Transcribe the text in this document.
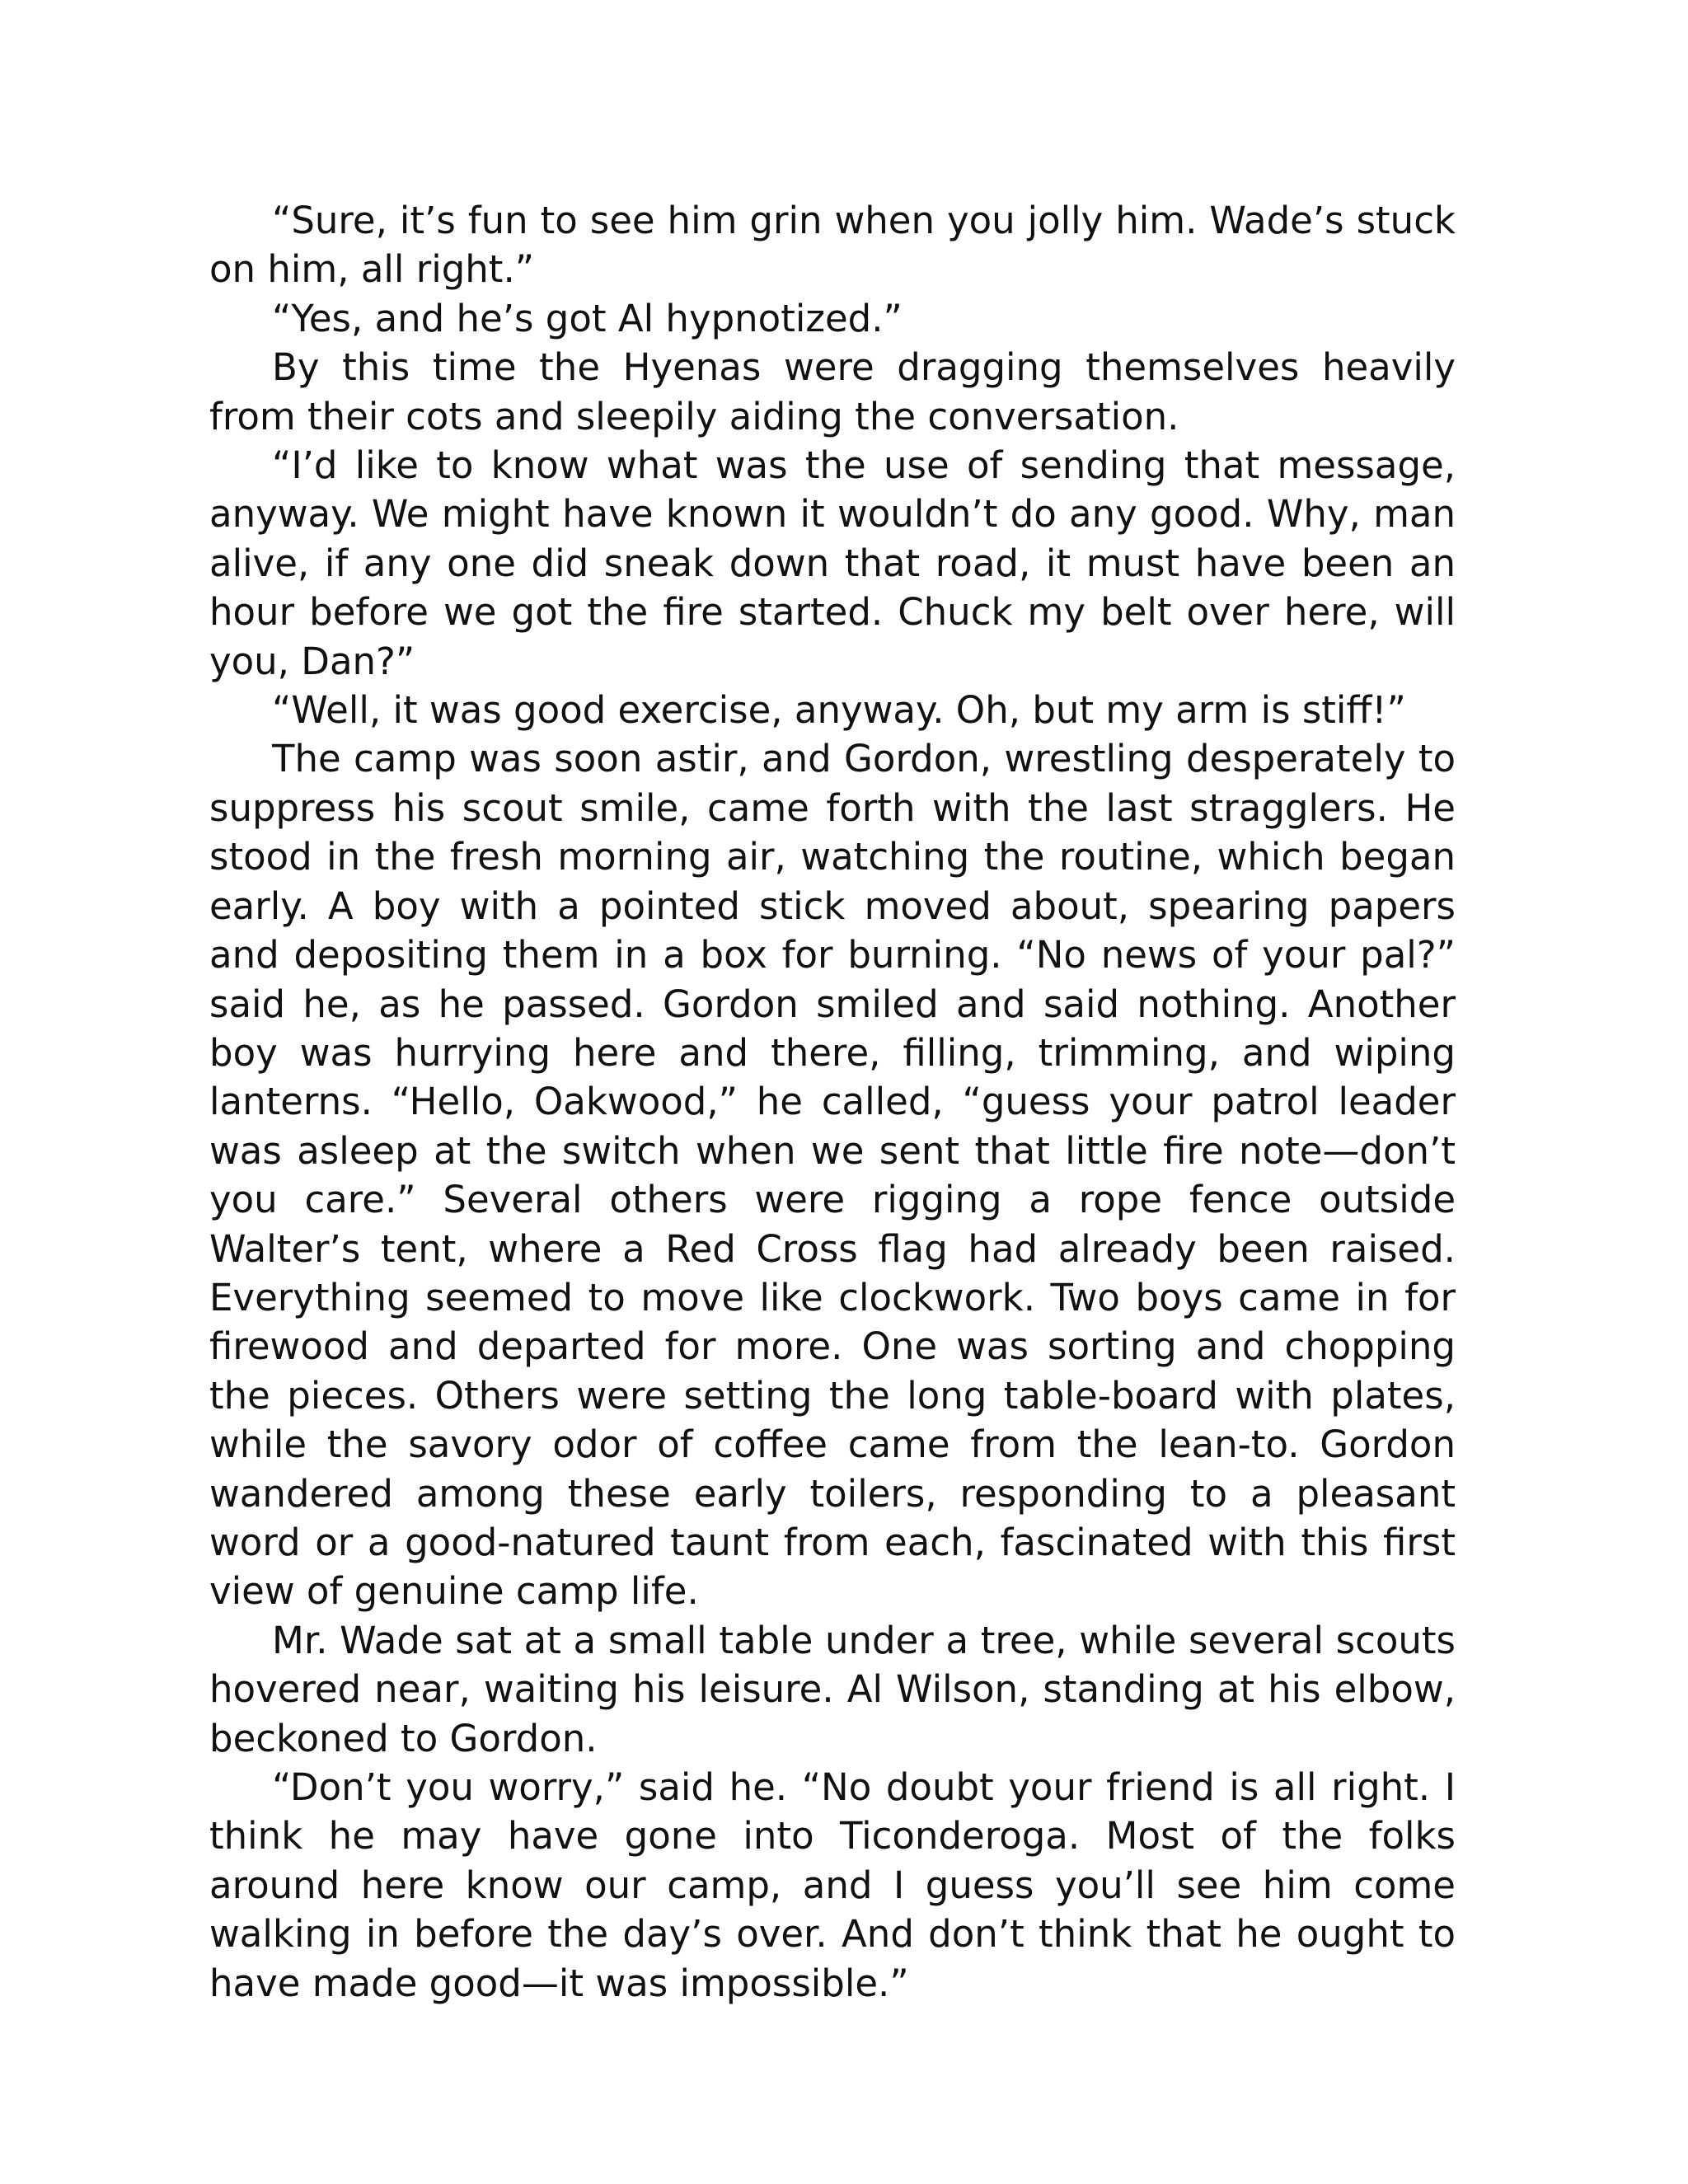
“Sure, it’s fun to see him grin when you jolly him. Wade’s stuck on him, all right.”

“Yes, and he’s got Al hypnotized.”

By this time the Hyenas were dragging themselves heavily from their cots and sleepily aiding the conversation.

“I’d like to know what was the use of sending that message, anyway. We might have known it wouldn’t do any good. Why, man alive, if any one did sneak down that road, it must have been an hour before we got the fire started. Chuck my belt over here, will you, Dan?”

“Well, it was good exercise, anyway. Oh, but my arm is stiff!”

The camp was soon astir, and Gordon, wrestling desperately to suppress his scout smile, came forth with the last stragglers. He stood in the fresh morning air, watching the routine, which began early. A boy with a pointed stick moved about, spearing papers and depositing them in a box for burning. “No news of your pal?” said he, as he passed. Gordon smiled and said nothing. Another boy was hurrying here and there, filling, trimming, and wiping lanterns. “Hello, Oakwood,” he called, “guess your patrol leader was asleep at the switch when we sent that little fire note—don’t you care.” Several others were rigging a rope fence outside Walter’s tent, where a Red Cross flag had already been raised. Everything seemed to move like clockwork. Two boys came in for firewood and departed for more. One was sorting and chopping the pieces. Others were setting the long table-board with plates, while the savory odor of coffee came from the lean-to. Gordon wandered among these early toilers, responding to a pleasant word or a good-natured taunt from each, fascinated with this first view of genuine camp life.

Mr. Wade sat at a small table under a tree, while several scouts hovered near, waiting his leisure. Al Wilson, standing at his elbow, beckoned to Gordon.

“Don’t you worry,” said he. “No doubt your friend is all right. I think he may have gone into Ticonderoga. Most of the folks around here know our camp, and I guess you’ll see him come walking in before the day’s over. And don’t think that he ought to have made good—it was impossible.”
